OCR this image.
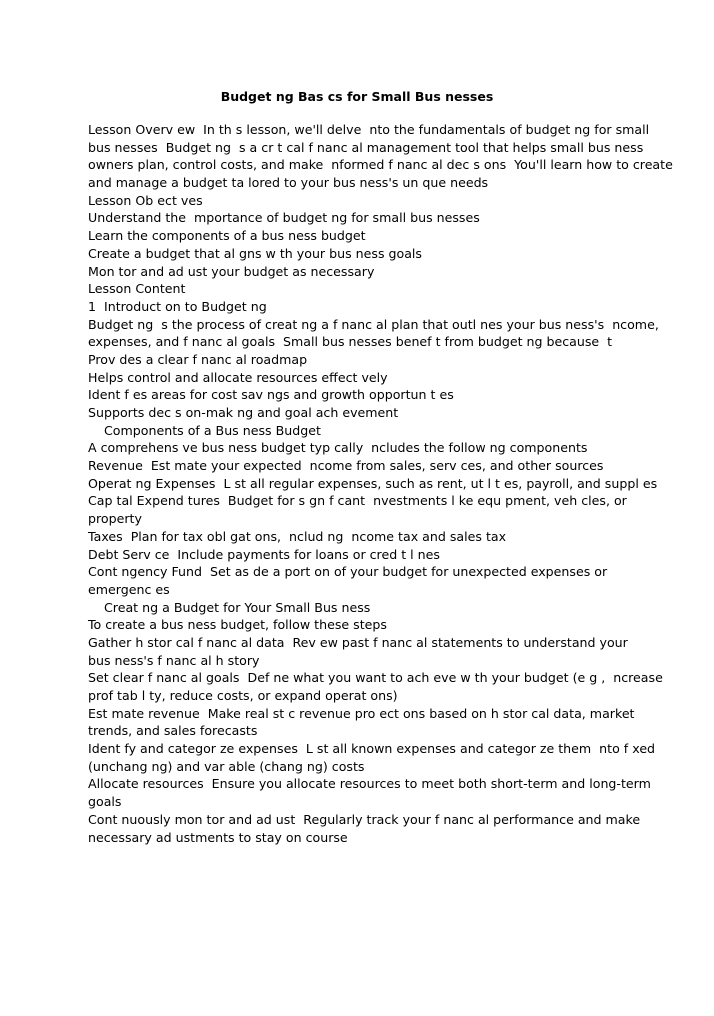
Budget ng Bas cs for Small Bus nesses
Lesson Overv ew  In th s lesson, we'll delve  nto the fundamentals of budget ng for small
bus nesses  Budget ng  s a cr t cal f nanc al management tool that helps small bus ness
owners plan, control costs, and make  nformed f nanc al dec s ons  You'll learn how to create
and manage a budget ta lored to your bus ness's un que needs
Lesson Ob ect ves
Understand the  mportance of budget ng for small bus nesses
Learn the components of a bus ness budget
Create a budget that al gns w th your bus ness goals
Mon tor and ad ust your budget as necessary
Lesson Content
1  Introduct on to Budget ng
Budget ng  s the process of creat ng a f nanc al plan that outl nes your bus ness's  ncome,
expenses, and f nanc al goals  Small bus nesses benef t from budget ng because  t
Prov des a clear f nanc al roadmap
Helps control and allocate resources effect vely
Ident f es areas for cost sav ngs and growth opportun t es
Supports dec s on-mak ng and goal ach evement
Components of a Bus ness Budget
A comprehens ve bus ness budget typ cally  ncludes the follow ng components
Revenue  Est mate your expected  ncome from sales, serv ces, and other sources
Operat ng Expenses  L st all regular expenses, such as rent, ut l t es, payroll, and suppl es
Cap tal Expend tures  Budget for s gn f cant  nvestments l ke equ pment, veh cles, or
property
Taxes  Plan for tax obl gat ons,  nclud ng  ncome tax and sales tax
Debt Serv ce  Include payments for loans or cred t l nes
Cont ngency Fund  Set as de a port on of your budget for unexpected expenses or
emergenc es
Creat ng a Budget for Your Small Bus ness
To create a bus ness budget, follow these steps
Gather h stor cal f nanc al data  Rev ew past f nanc al statements to understand your
bus ness's f nanc al h story
Set clear f nanc al goals  Def ne what you want to ach eve w th your budget (e g ,  ncrease
prof tab l ty, reduce costs, or expand operat ons)
Est mate revenue  Make real st c revenue pro ect ons based on h stor cal data, market
trends, and sales forecasts
Ident fy and categor ze expenses  L st all known expenses and categor ze them  nto f xed
(unchang ng) and var able (chang ng) costs
Allocate resources  Ensure you allocate resources to meet both short-term and long-term
goals
Cont nuously mon tor and ad ust  Regularly track your f nanc al performance and make
necessary ad ustments to stay on course
